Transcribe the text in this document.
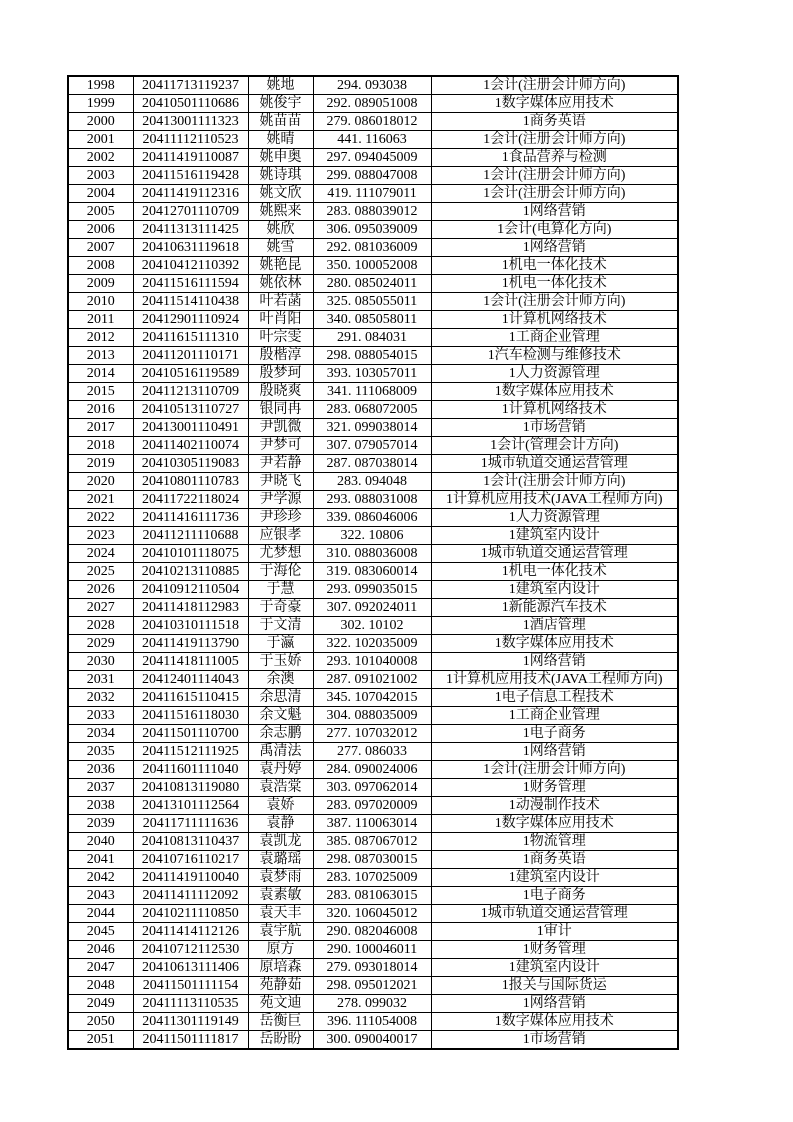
1998	20411713119237	姚地	294. 093038	1会计(注册会计师方向)
1999	20410501110686	姚俊宇	292. 089051008	1数字媒体应用技术
2000	20413001111323	姚苗苗	279. 086018012	1商务英语
2001	20411112110523	姚晴	441. 116063	1会计(注册会计师方向)
2002	20411419110087	姚申奥	297. 094045009	1食品营养与检测
2003	20411516119428	姚诗琪	299. 088047008	1会计(注册会计师方向)
2004	20411419112316	姚文欣	419. 111079011	1会计(注册会计师方向)
2005	20412701110709	姚熙来	283. 088039012	1网络营销
2006	20411313111425	姚欣	306. 095039009	1会计(电算化方向)
2007	20410631119618	姚雪	292. 081036009	1网络营销
2008	20410412110392	姚艳昆	350. 100052008	1机电一体化技术
2009	20411516111594	姚依林	280. 085024011	1机电一体化技术
2010	20411514110438	叶若菡	325. 085055011	1会计(注册会计师方向)
2011	20412901110924	叶肖阳	340. 085058011	1计算机网络技术
2012	20411615111310	叶宗雯	291. 084031	1工商企业管理
2013	20411201110171	殷楷淳	298. 088054015	1汽车检测与维修技术
2014	20410516119589	殷梦珂	393. 103057011	1人力资源管理
2015	20411213110709	殷晓爽	341. 111068009	1数字媒体应用技术
2016	20410513110727	银同冉	283. 068072005	1计算机网络技术
2017	20413001110491	尹凯微	321. 099038014	1市场营销
2018	20411402110074	尹梦可	307. 079057014	1会计(管理会计方向)
2019	20410305119083	尹若静	287. 087038014	1城市轨道交通运营管理
2020	20410801110783	尹晓飞	283. 094048	1会计(注册会计师方向)
2021	20411722118024	尹学源	293. 088031008	1计算机应用技术(JAVA工程师方向)
2022	20411416111736	尹珍珍	339. 086046006	1人力资源管理
2023	20411211110688	应银孝	322. 10806	1建筑室内设计
2024	20410101118075	尤梦想	310. 088036008	1城市轨道交通运营管理
2025	20410213110885	于海伦	319. 083060014	1机电一体化技术
2026	20410912110504	于慧	293. 099035015	1建筑室内设计
2027	20411418112983	于奇豪	307. 092024011	1新能源汽车技术
2028	20410310111518	于文清	302. 10102	1酒店管理
2029	20411419113790	于瀛	322. 102035009	1数字媒体应用技术
2030	20411418111005	于玉娇	293. 101040008	1网络营销
2031	20412401114043	余澳	287. 091021002	1计算机应用技术(JAVA工程师方向)
2032	20411615110415	余思清	345. 107042015	1电子信息工程技术
2033	20411516118030	余文魁	304. 088035009	1工商企业管理
2034	20411501110700	余志鹏	277. 107032012	1电子商务
2035	20411512111925	禹清法	277. 086033	1网络营销
2036	20411601111040	袁丹婷	284. 090024006	1会计(注册会计师方向)
2037	20410813119080	袁浩棠	303. 097062014	1财务管理
2038	20413101112564	袁娇	283. 097020009	1动漫制作技术
2039	20411711111636	袁静	387. 110063014	1数字媒体应用技术
2040	20410813110437	袁凯龙	385. 087067012	1物流管理
2041	20410716110217	袁璐瑶	298. 087030015	1商务英语
2042	20411419110040	袁梦雨	283. 107025009	1建筑室内设计
2043	20411411112092	袁素敏	283. 081063015	1电子商务
2044	20410211110850	袁天丰	320. 106045012	1城市轨道交通运营管理
2045	20411414112126	袁宇航	290. 082046008	1审计
2046	20410712112530	原方	290. 100046011	1财务管理
2047	20410613111406	原培森	279. 093018014	1建筑室内设计
2048	20411501111154	苑静茹	298. 095012021	1报关与国际货运
2049	20411113110535	苑文迪	278. 099032	1网络营销
2050	20411301119149	岳衡巨	396. 111054008	1数字媒体应用技术
2051	20411501111817	岳盼盼	300. 090040017	1市场营销
